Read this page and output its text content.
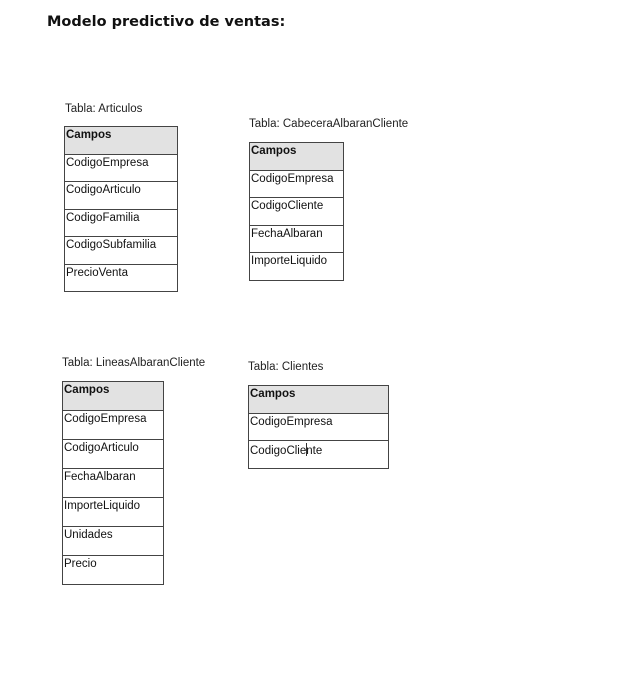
Modelo predictivo de ventas:
Tabla: Articulos
Campos
CodigoEmpresa
CodigoArticulo
CodigoFamilia
CodigoSubfamilia
PrecioVenta
Tabla: CabeceraAlbaranCliente
Campos
CodigoEmpresa
CodigoCliente
FechaAlbaran
ImporteLiquido
Tabla: LineasAlbaranCliente
Campos
CodigoEmpresa
CodigoArticulo
FechaAlbaran
ImporteLiquido
Unidades
Precio
Tabla: Clientes
Campos
CodigoEmpresa
CodigoCliente
